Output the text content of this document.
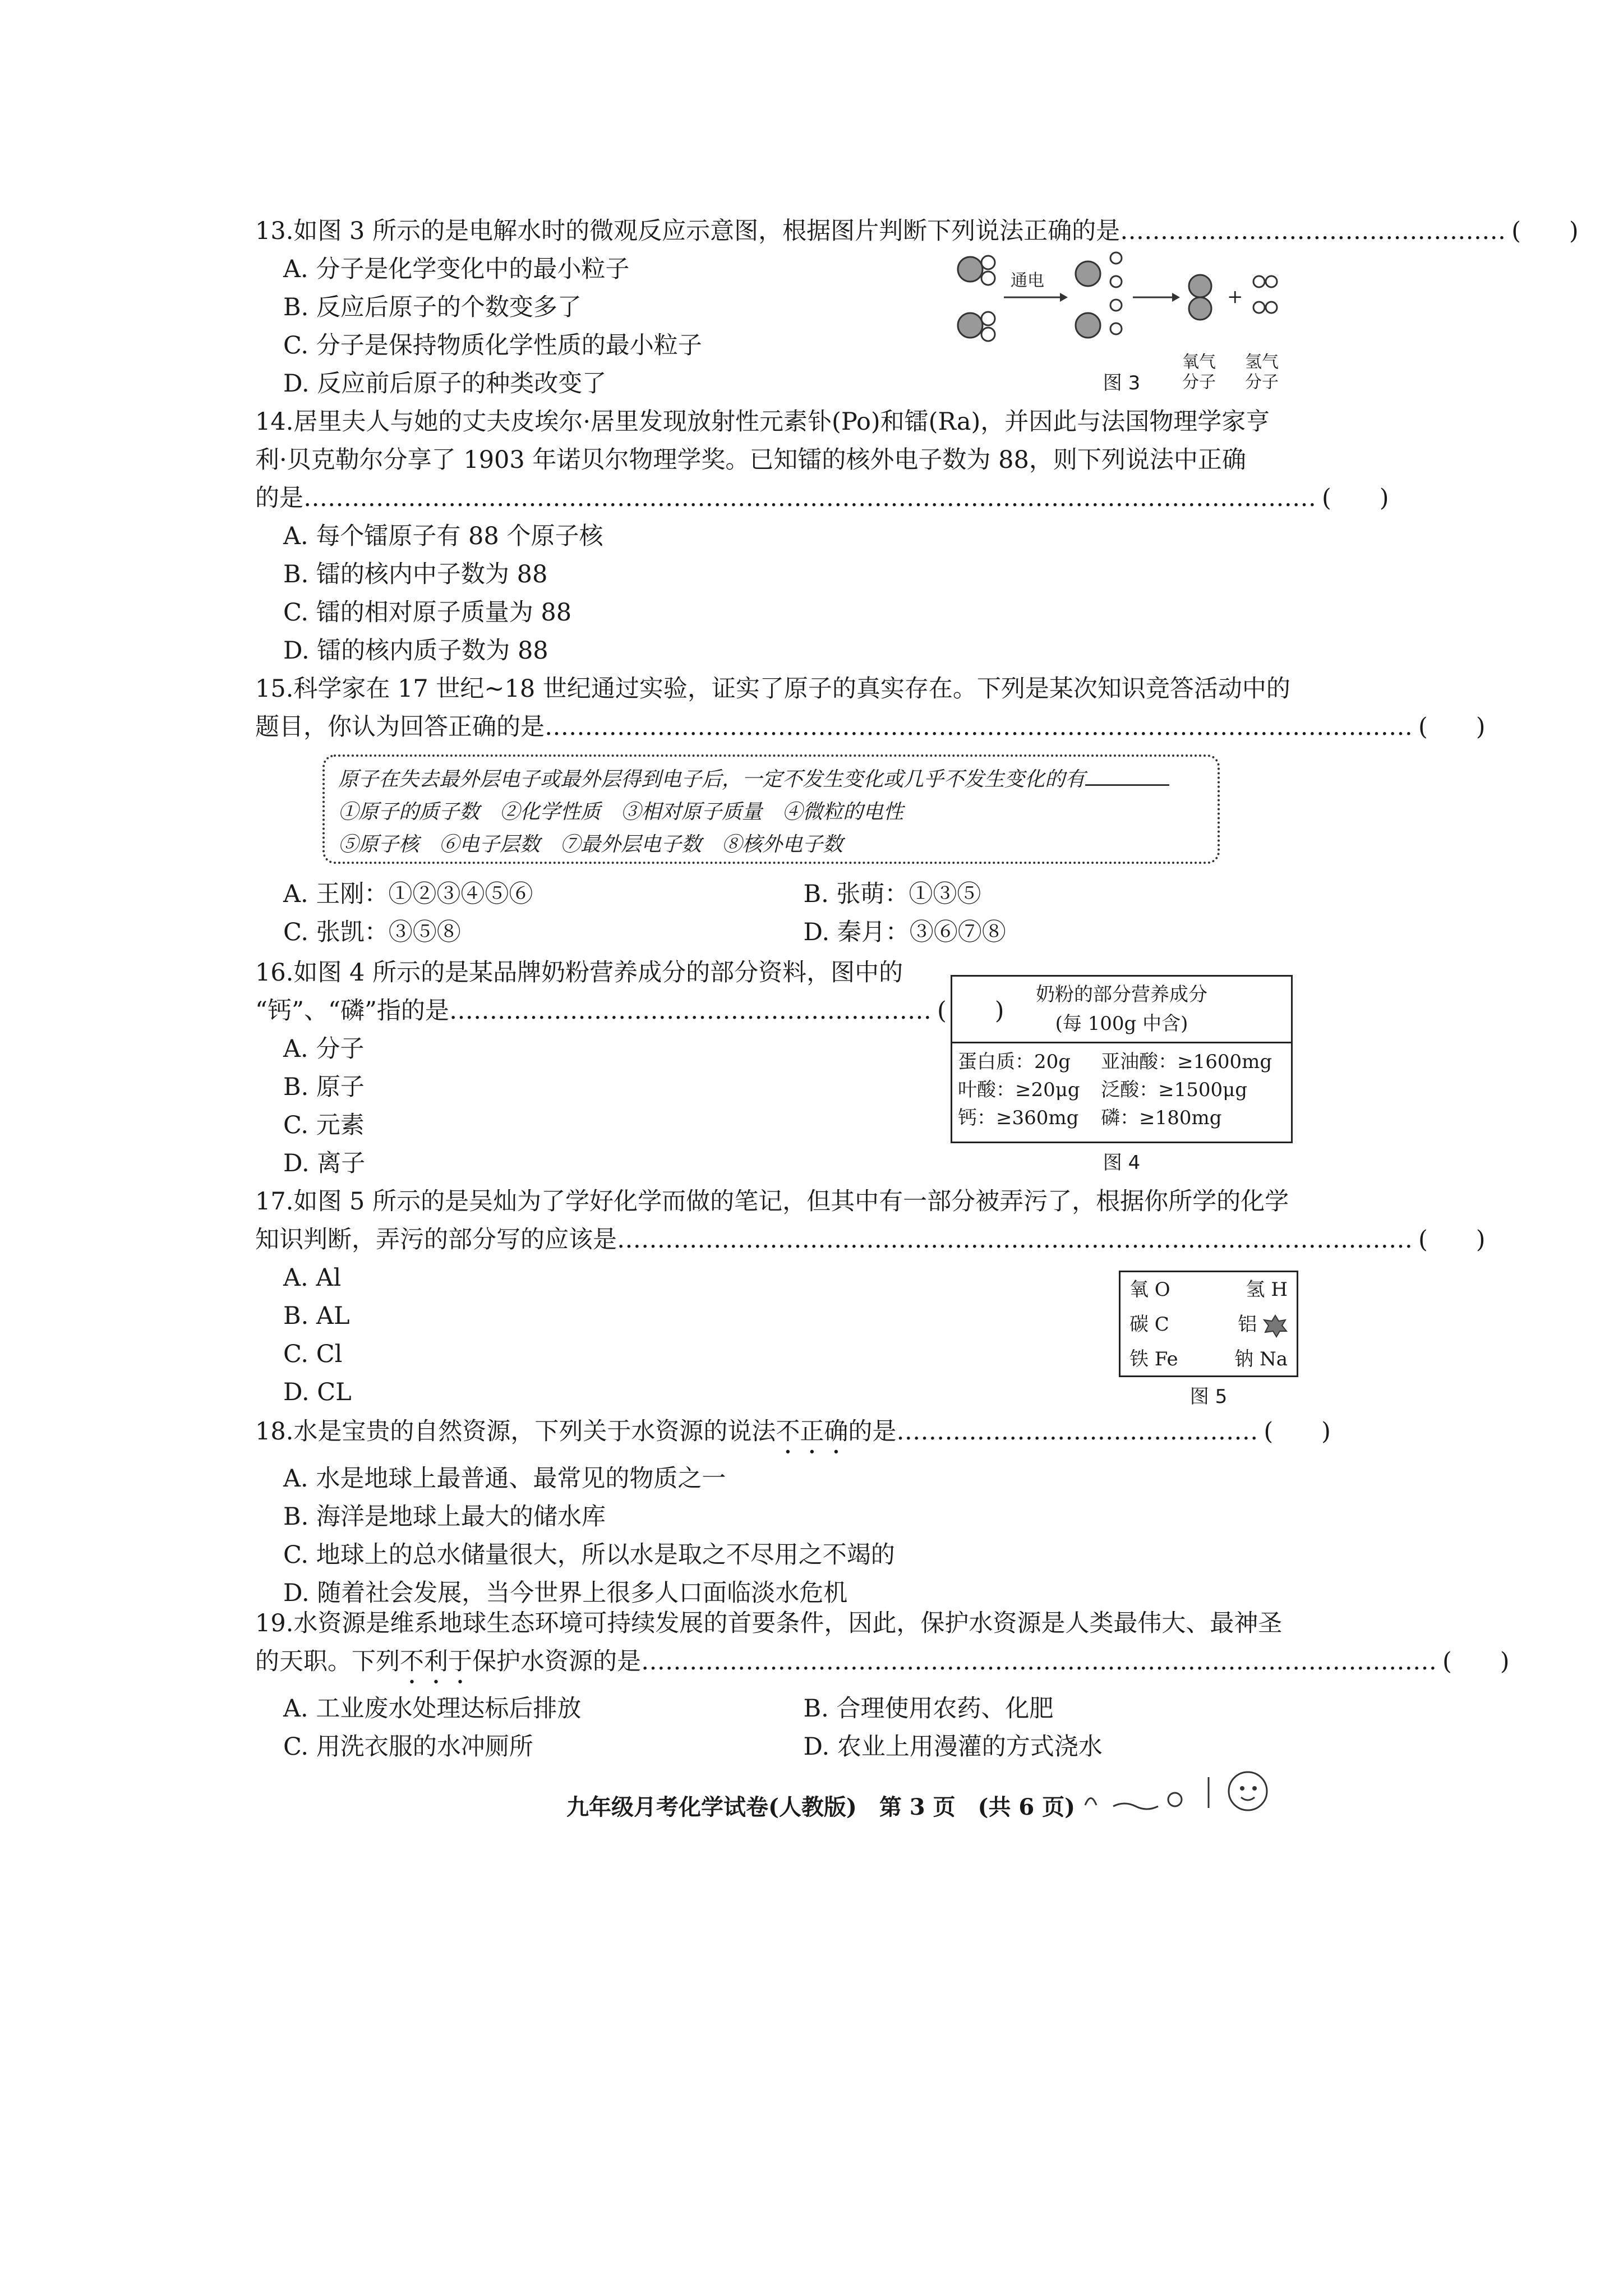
13.如图 3 所示的是电解水时的微观反应示意图，根据图片判断下列说法正确的是 ………………………………………… (　　)
A. 分子是化学变化中的最小粒子
B. 反应后原子的个数变多了
C. 分子是保持物质化学性质的最小粒子
D. 反应前后原子的种类改变了
通电
+
图 3
氧气分子
氢气分子
14.居里夫人与她的丈夫皮埃尔·居里发现放射性元素钋(Po)和镭(Ra)，并因此与法国物理学家亨
利·贝克勒尔分享了 1903 年诺贝尔物理学奖。已知镭的核外电子数为 88，则下列说法中正确
的是 ……………………………………………………………………………………………………………… (　　)
A. 每个镭原子有 88 个原子核
B. 镭的核内中子数为 88
C. 镭的相对原子质量为 88
D. 镭的核内质子数为 88
15.科学家在 17 世纪~18 世纪通过实验，证实了原子的真实存在。下列是某次知识竞答活动中的
题目，你认为回答正确的是 ……………………………………………………………………………………………… (　　)
原子在失去最外层电子或最外层得到电子后，一定不发生变化或几乎不发生变化的有
①原子的质子数　②化学性质　③相对原子质量　④微粒的电性
⑤原子核　⑥电子层数　⑦最外层电子数　⑧核外电子数
A. 王刚：①②③④⑤⑥	B. 张萌：①③⑤
C. 张凯：③⑤⑧	D. 秦月：③⑥⑦⑧
16.如图 4 所示的是某品牌奶粉营养成分的部分资料，图中的
“钙”、“磷”指的是 …………………………………………………… (　　)
A. 分子
B. 原子
C. 元素
D. 离子
奶粉的部分营养成分
(每 100g 中含)
蛋白质：20g	亚油酸：≥1600mg
叶酸：≥20μg	泛酸：≥1500μg
钙：≥360mg	磷：≥180mg
图 4
17.如图 5 所示的是吴灿为了学好化学而做的笔记，但其中有一部分被弄污了，根据你所学的化学
知识判断，弄污的部分写的应该是 ……………………………………………………………………………………… (　　)
A. Al
B. AL
C. Cl
D. CL
氧 O	氢 H
碳 C	铝
铁 Fe	钠 Na
图 5
18.水是宝贵的自然资源，下列关于水资源的说法不正确的是 ……………………………………… (　　)
A. 水是地球上最普通、最常见的物质之一
B. 海洋是地球上最大的储水库
C. 地球上的总水储量很大，所以水是取之不尽用之不竭的
D. 随着社会发展，当今世界上很多人口面临淡水危机
19.水资源是维系地球生态环境可持续发展的首要条件，因此，保护水资源是人类最伟大、最神圣
的天职。下列不利于保护水资源的是 ……………………………………………………………………………………… (　　)
A. 工业废水处理达标后排放	B. 合理使用农药、化肥
C. 用洗衣服的水冲厕所	D. 农业上用漫灌的方式浇水
九年级月考化学试卷(人教版)　第 3 页　(共 6 页)
